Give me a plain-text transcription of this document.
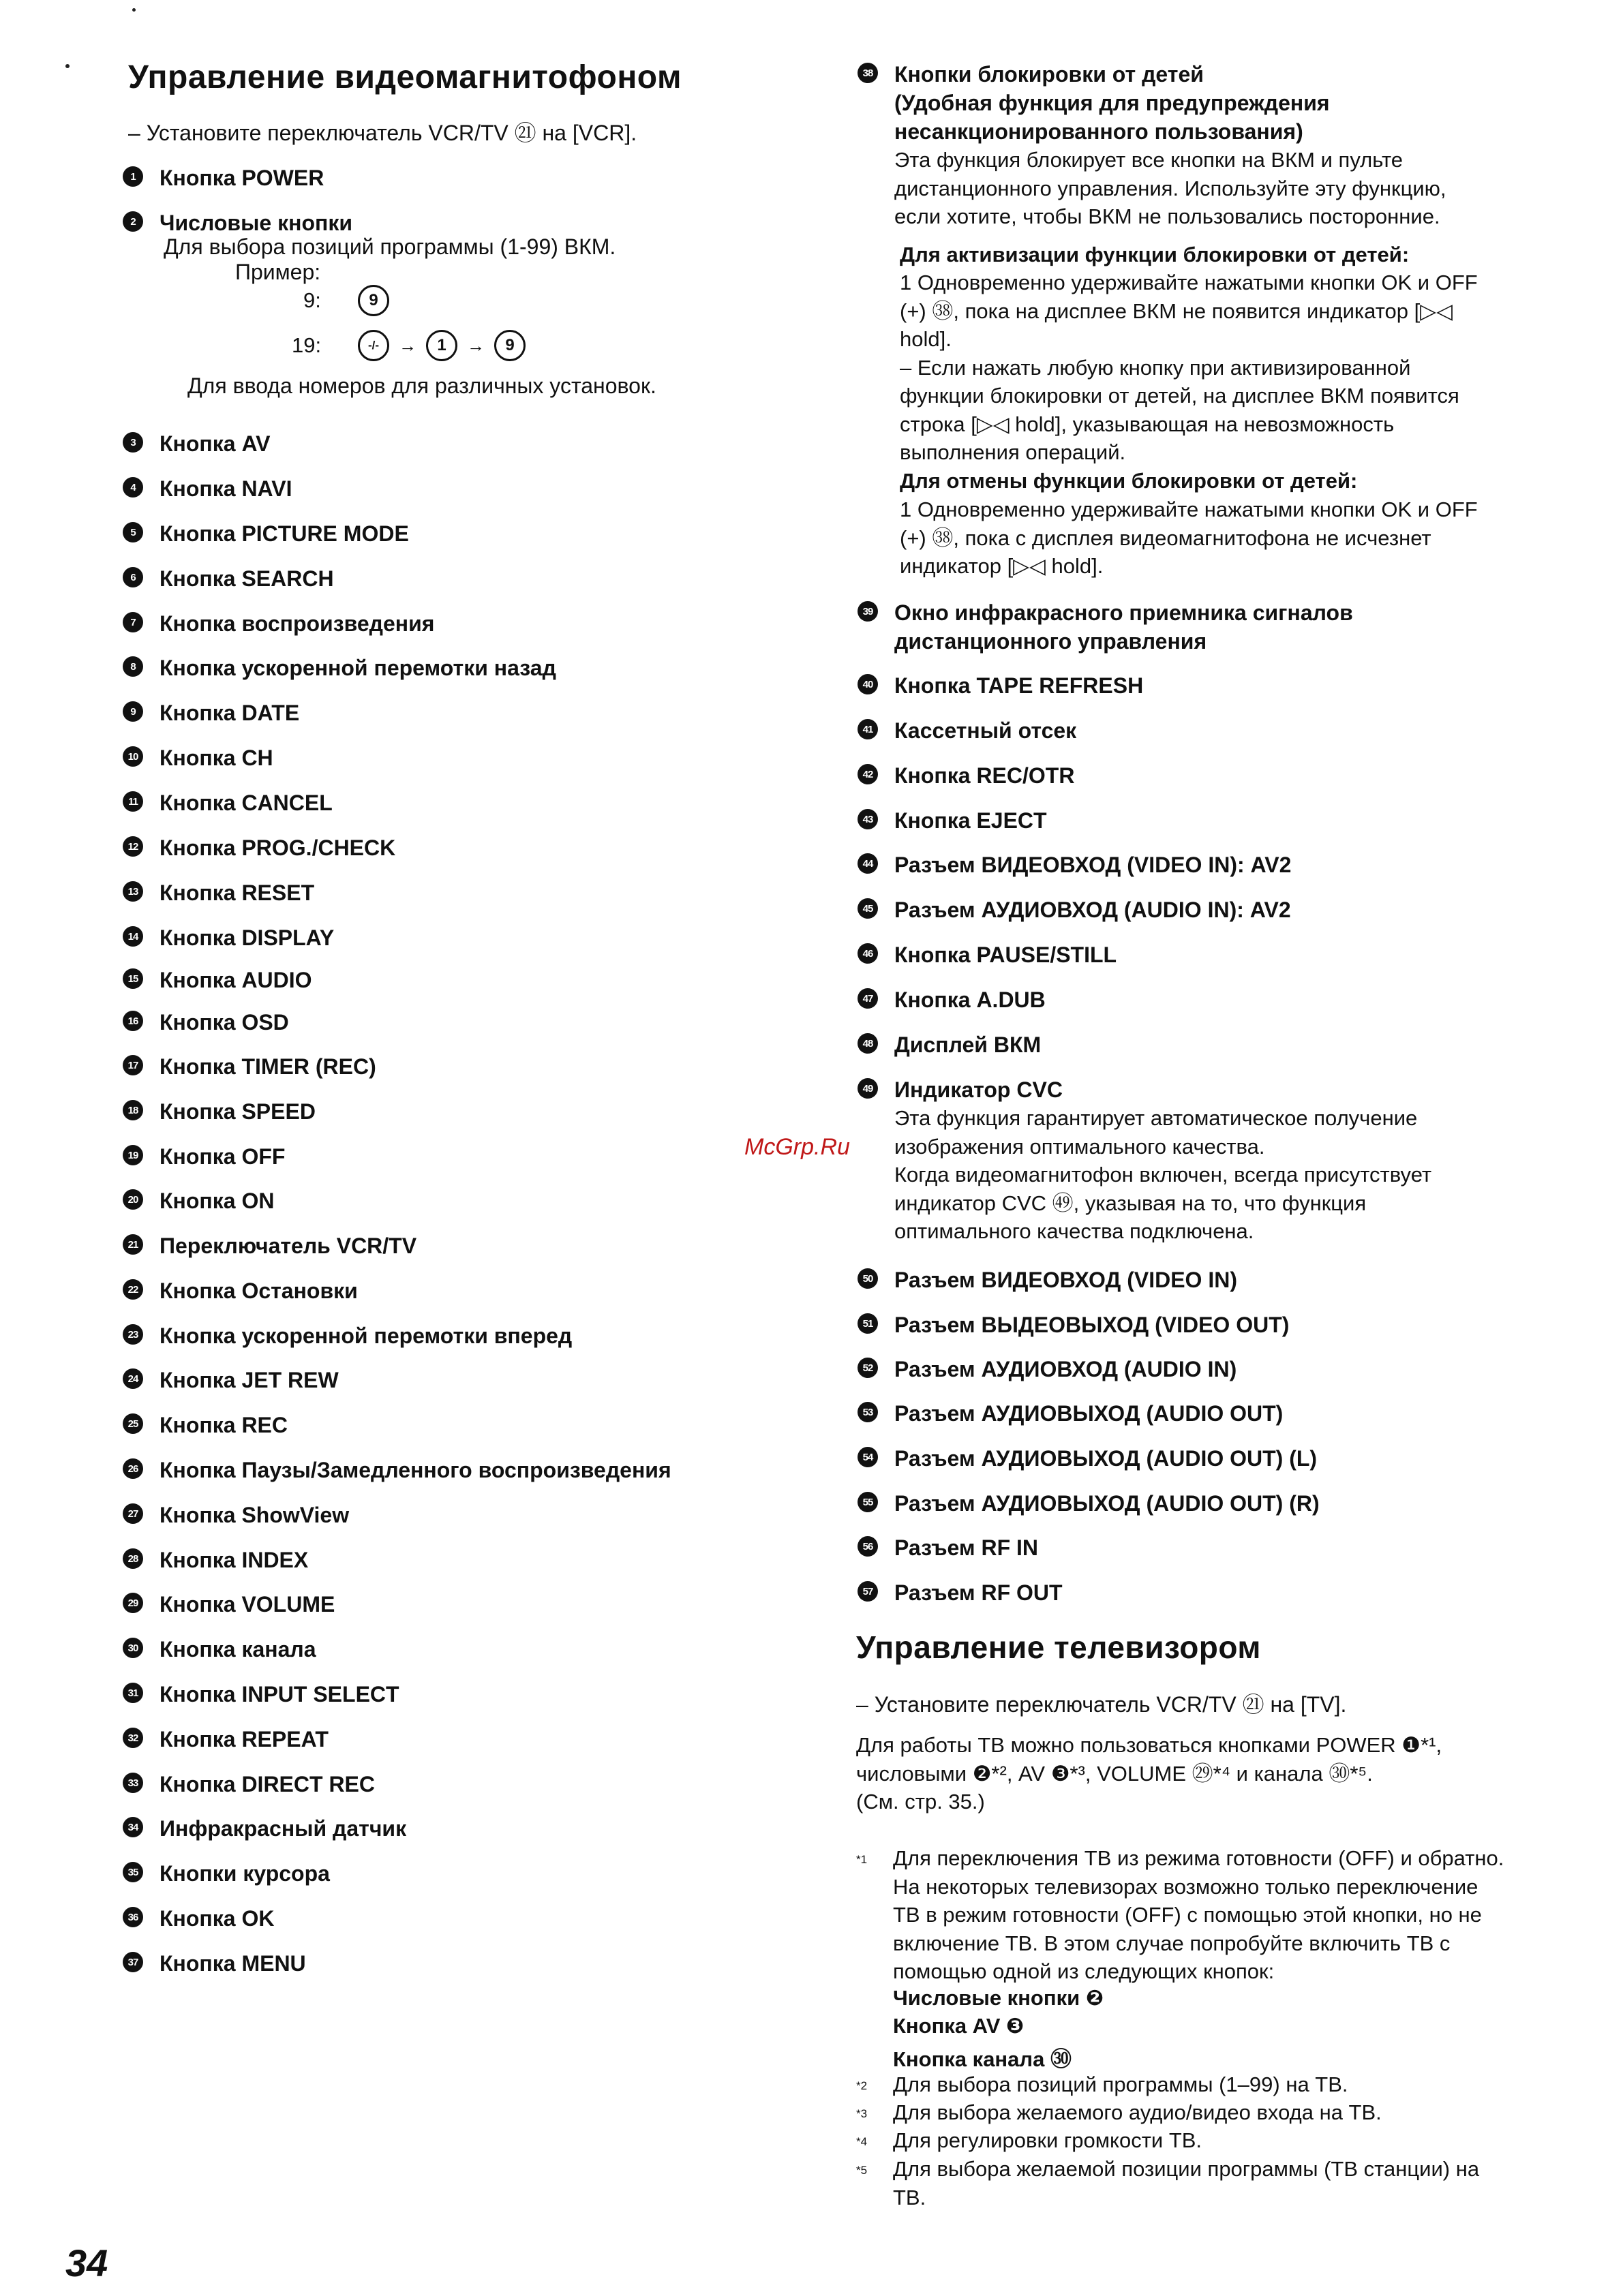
Управление видеомагнитофоном
– Установите переключатель VCR/TV ㉑ на [VCR].
1	Кнопка POWER
2	Числовые кнопки
3	Кнопка AV
4	Кнопка NAVI
5	Кнопка PICTURE MODE
6	Кнопка SEARCH
7	Кнопка воспроизведения
8	Кнопка ускоренной перемотки назад
9	Кнопка DATE
10 Кнопка CH
11 Кнопка CANCEL
12 Кнопка PROG./CHECK
13 Кнопка RESET
14 Кнопка DISPLAY
15 Кнопка AUDIO
16 Кнопка OSD
17 Кнопка TIMER (REC)
18 Кнопка SPEED
19 Кнопка OFF
20 Кнопка ON
21 Переключатель VCR/TV
22 Кнопка Остановки
23 Кнопка ускоренной перемотки вперед
24 Кнопка JET REW
25 Кнопка REC
26 Кнопка Паузы/Замедленного воспроизведения
27 Кнопка ShowView
28 Кнопка INDEX
29 Кнопка VOLUME
30 Кнопка канала
31 Кнопка INPUT SELECT
32 Кнопка REPEAT
33 Кнопка DIRECT REC
34 Инфракрасный датчик
35 Кнопки курсора
36 Кнопка OK
37 Кнопка MENU
Для выбора позиций программы (1-99) ВКМ.
Пример:
9:	9
19:	-/-	→	1	→	9
Для ввода номеров для различных установок.
38 Кнопки блокировки от детей
(Удобная функция для предупреждения
несанкционированного пользования)
Эта функция блокирует все кнопки на ВКМ и пульте
дистанционного управления. Используйте эту функцию,
если хотите, чтобы ВКМ не пользовались посторонние.
39 Окно инфракрасного приемника сигналов
дистанционного управления
40 Кнопка TAPE REFRESH
41 Кассетный отсек
42 Кнопка REC/OTR
43 Кнопка EJECT
44 Разъем ВИДЕОВХОД (VIDEO IN): AV2
45 Разъем АУДИОВХОД (AUDIO IN): AV2
46 Кнопка PAUSE/STILL
47 Кнопка A.DUB
48 Дисплей ВКМ
49 Индикатор CVC
Эта функция гарантирует автоматическое получение
изображения оптимального качества.
Когда видеомагнитофон включен, всегда присутствует
индикатор CVC ㊾, указывая на то, что функция
оптимального качества подключена.
50 Разъем ВИДЕОВХОД (VIDEO IN)
51 Разъем ВЫДЕОВЫХОД (VIDEO OUT)
52 Разъем АУДИОВХОД (AUDIO IN)
53 Разъем АУДИОВЫХОД (AUDIO OUT)
54 Разъем АУДИОВЫХОД (AUDIO OUT) (L)
55 Разъем АУДИОВЫХОД (AUDIO OUT) (R)
56 Разъем RF IN
57 Разъем RF OUT
Для активизации функции блокировки от детей:
1 Одновременно удерживайте нажатыми кнопки OK и OFF
(+) ㊳, пока на дисплее ВКМ не появится индикатор [▷◁
hold].
– Если нажать любую кнопку при активизированной
функции блокировки от детей, на дисплее ВКМ появится
строка [▷◁ hold], указывающая на невозможность
выполнения операций.
Для отмены функции блокировки от детей:
1 Одновременно удерживайте нажатыми кнопки OK и OFF
(+) ㊳, пока с дисплея видеомагнитофона не исчезнет
индикатор [▷◁ hold].
Управление телевизором
– Установите переключатель VCR/TV ㉑ на [TV].
Для работы ТВ можно пользоваться кнопками POWER ❶*¹,
числовыми ❷*², AV ❸*³, VOLUME ㉙*⁴ и канала ㉚*⁵.
(См. стр. 35.)
*1	Для переключения ТВ из режима готовности (OFF) и обратно.
На некоторых телевизорах возможно только переключение
ТВ в режим готовности (OFF) с помощью этой кнопки, но не
включение ТВ. В этом случае попробуйте включить ТВ с
помощью одной из следующих кнопок:
Числовые кнопки ❷
Кнопка AV ❸
Кнопка канала ㉚
*2	Для выбора позиций программы (1–99) на ТВ.
*3	Для выбора желаемого аудио/видео входа на ТВ.
*4	Для регулировки громкости ТВ.
*5	Для выбора желаемой позиции программы (ТВ станции) на
ТВ.
McGrp.Ru
34
